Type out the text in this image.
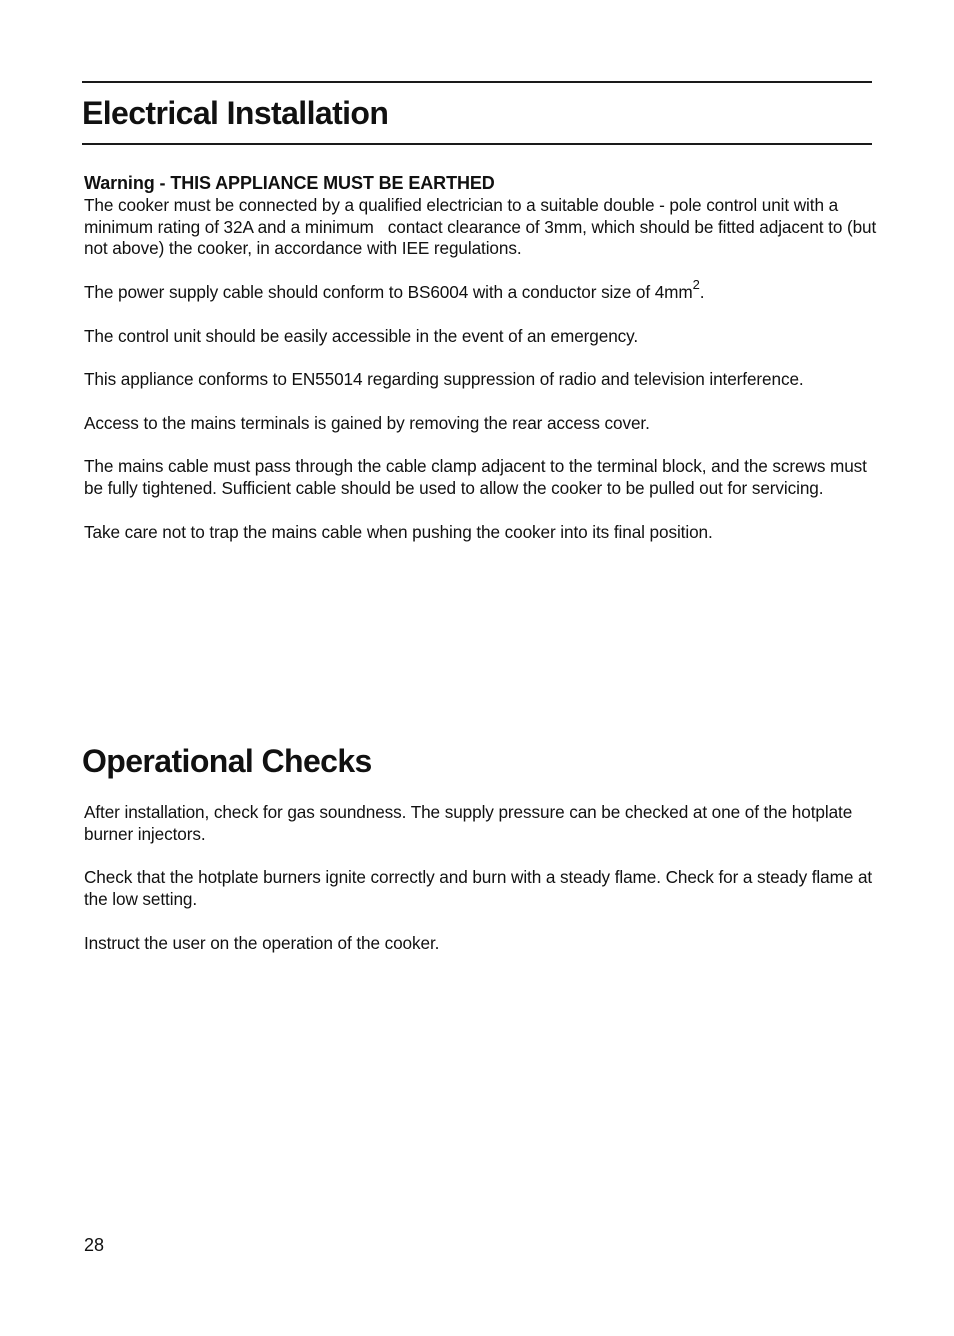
Electrical Installation

Warning - THIS APPLIANCE MUST BE EARTHED
The cooker must be connected by a qualified electrician to a suitable double - pole control unit with a minimum rating of 32A and a minimum   contact clearance of 3mm, which should be fitted adjacent to (but not above) the cooker, in accordance with IEE regulations.

The power supply cable should conform to BS6004 with a conductor size of $4mm^2$.

The control unit should be easily accessible in the event of an emergency.

This appliance conforms to EN55014 regarding suppression of radio and television interference.

Access to the mains terminals is gained by removing the rear access cover.

The mains cable must pass through the cable clamp adjacent to the terminal block, and the screws must be fully tightened. Sufficient cable should be used to allow the cooker to be pulled out for servicing.

Take care not to trap the mains cable when pushing the cooker into its final position.

Operational Checks

After installation, check for gas soundness. The supply pressure can be checked at one of the hotplate burner injectors.

Check that the hotplate burners ignite correctly and burn with a steady flame. Check for a steady flame at the low setting.

Instruct the user on the operation of the cooker.

28
